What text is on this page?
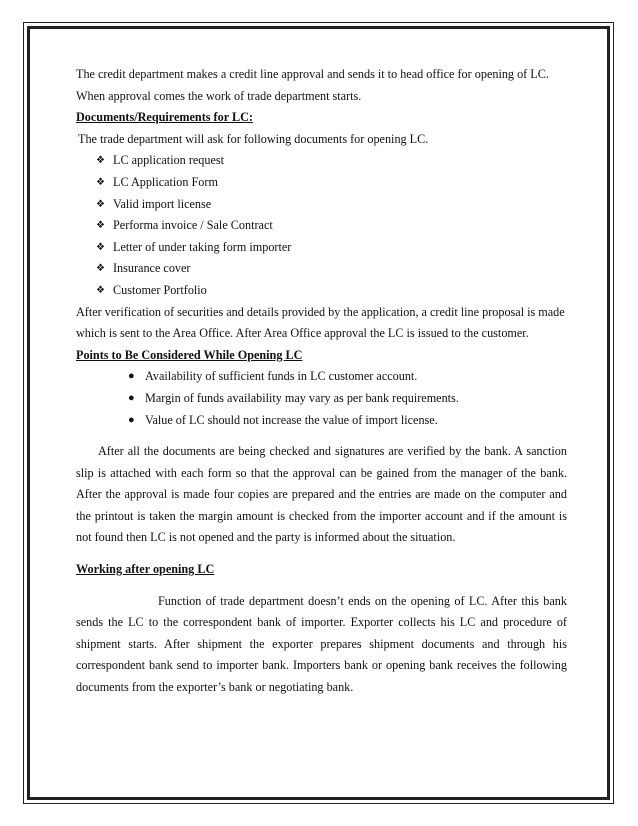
The credit department makes a credit line approval and sends it to head office for opening of LC. When approval comes the work of trade department starts.

Documents/Requirements for LC:

The trade department will ask for following documents for opening LC.

❖ LC application request
❖ LC Application Form
❖ Valid import license
❖ Performa invoice / Sale Contract
❖ Letter of under taking form importer
❖ Insurance cover
❖ Customer Portfolio

After verification of securities and details provided by the application, a credit line proposal is made which is sent to the Area Office. After Area Office approval the LC is issued to the customer.

Points to Be Considered While Opening LC

● Availability of sufficient funds in LC customer account.
● Margin of funds availability may vary as per bank requirements.
● Value of LC should not increase the value of import license.

After all the documents are being checked and signatures are verified by the bank. A sanction slip is attached with each form so that the approval can be gained from the manager of the bank. After the approval is made four copies are prepared and the entries are made on the computer and the printout is taken the margin amount is checked from the importer account and if the amount is not found then LC is not opened and the party is informed about the situation.

Working after opening LC

Function of trade department doesn’t ends on the opening of LC. After this bank sends the LC to the correspondent bank of importer. Exporter collects his LC and procedure of shipment starts. After shipment the exporter prepares shipment documents and through his correspondent bank send to importer bank. Importers bank or opening bank receives the following documents from the exporter’s bank or negotiating bank.
